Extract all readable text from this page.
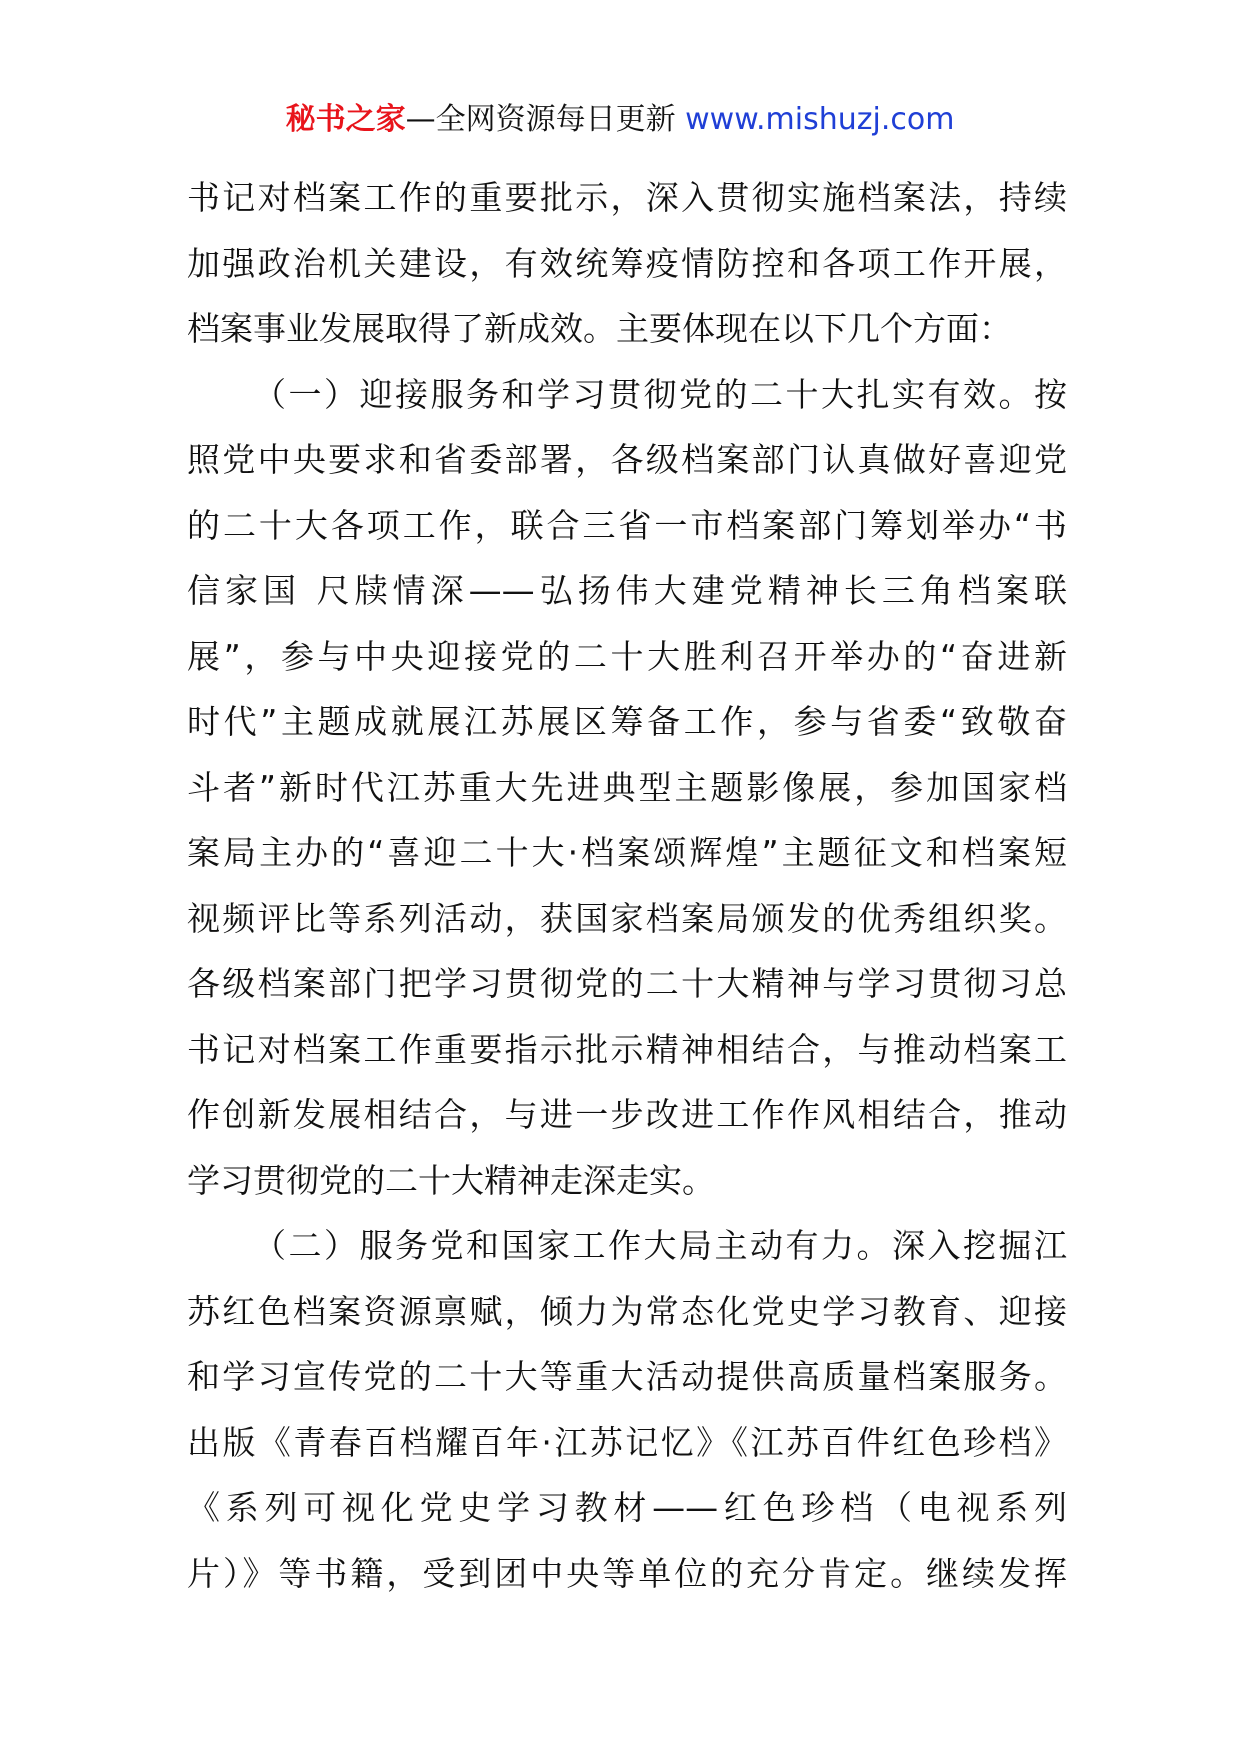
秘书之家—全网资源每日更新 www.mishuzj.com
书记对档案工作的重要批示，深入贯彻实施档案法，持续
加强政治机关建设，有效统筹疫情防控和各项工作开展，
档案事业发展取得了新成效。主要体现在以下几个方面：
（一）迎接服务和学习贯彻党的二十大扎实有效。按
照党中央要求和省委部署，各级档案部门认真做好喜迎党
的二十大各项工作，联合三省一市档案部门筹划举办“书
信家国 尺牍情深——弘扬伟大建党精神长三角档案联
展”，参与中央迎接党的二十大胜利召开举办的“奋进新
时代”主题成就展江苏展区筹备工作，参与省委“致敬奋
斗者”新时代江苏重大先进典型主题影像展，参加国家档
案局主办的“喜迎二十大·档案颂辉煌”主题征文和档案短
视频评比等系列活动，获国家档案局颁发的优秀组织奖。
各级档案部门把学习贯彻党的二十大精神与学习贯彻习总
书记对档案工作重要指示批示精神相结合，与推动档案工
作创新发展相结合，与进一步改进工作作风相结合，推动
学习贯彻党的二十大精神走深走实。
（二）服务党和国家工作大局主动有力。深入挖掘江
苏红色档案资源禀赋，倾力为常态化党史学习教育、迎接
和学习宣传党的二十大等重大活动提供高质量档案服务。
出版《青春百档耀百年·江苏记忆》《江苏百件红色珍档》
《系列可视化党史学习教材——红色珍档（电视系列
片）》等书籍，受到团中央等单位的充分肯定。继续发挥
